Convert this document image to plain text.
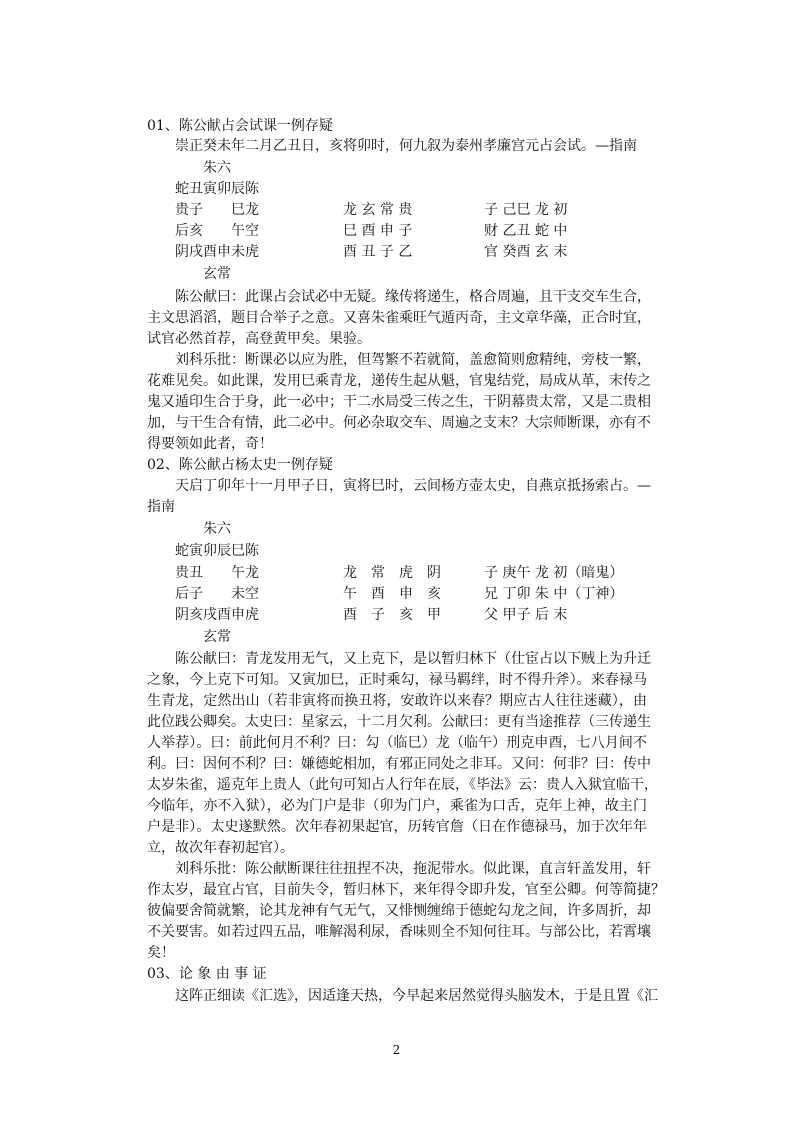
01、陈公献占会试课一例存疑
崇正癸未年二月乙丑日，亥将卯时，何九叙为泰州孝廉宫元占会试。—指南
朱六
蛇丑寅卯辰陈
贵子　　巳龙	龙 玄 常 贵	子 己巳 龙 初
后亥　　午空	巳 酉 申 子	财 乙丑 蛇 中
阴戌酉申未虎	酉 丑 子 乙	官 癸酉 玄 末
玄常
陈公献曰：此课占会试必中无疑。缘传将递生，格合周遍，且干支交车生合，
主文思滔滔，题目合举子之意。又喜朱雀乘旺气遁丙奇，主文章华藻，正合时宜，
试官必然首荐，高登黄甲矣。果验。
刘科乐批：断课必以应为胜，但驾繁不若就简，盖愈简则愈精纯，旁枝一繁，
花难见矣。如此课，发用巳乘青龙，递传生起从魁，官鬼结党，局成从革，末传之
鬼又遁印生合于身，此一必中；干二水局受三传之生，干阴幕贵太常，又是二贵相
加，与干生合有情，此二必中。何必杂取交车、周遍之支末？大宗师断课，亦有不
得要领如此者，奇！
02、陈公献占杨太史一例存疑
天启丁卯年十一月甲子日，寅将巳时，云间杨方壶太史，自燕京抵扬索占。—
指南
朱六
蛇寅卯辰巳陈
贵丑　　午龙	龙　常　虎　阴	子 庚午 龙 初（暗鬼）
后子　　未空	午　酉　申　亥	兄 丁卯 朱 中（丁神）
阴亥戌酉申虎	酉　子　亥　甲	父 甲子 后 末
玄常
陈公献曰：青龙发用无气，又上克下，是以暂归林下（仕宦占以下贼上为升迁
之象，今上克下可知。又寅加巳，正时乘勾，禄马羁绊，时不得升斧）。来春禄马
生青龙，定然出山（若非寅将而换丑将，安敢许以来春？期应古人往往迷藏），由
此位践公卿矣。太史曰：星家云，十二月欠利。公献曰：更有当途推荐（三传递生
人举荐）。曰：前此何月不利？曰：勾（临巳）龙（临午）刑克申酉，七八月间不
利。曰：因何不利？曰：嫌德蛇相加，有邪正同处之非耳。又问：何非？曰：传中
太岁朱雀，遥克年上贵人（此句可知占人行年在辰，《毕法》云：贵人入狱宜临干，
今临年，亦不入狱），必为门户是非（卯为门户，乘雀为口舌，克年上神，故主门
户是非）。太史遂默然。次年春初果起官，历转官詹（日在作德禄马，加于次年年
立，故次年春初起官）。
刘科乐批：陈公献断课往往扭捏不决，拖泥带水。似此课，直言轩盖发用，轩
作太岁，最宜占官，目前失令，暂归林下，来年得令即升发，官至公卿。何等简捷？
彼偏要舍简就繁，论其龙神有气无气，又悱恻缠绵于德蛇勾龙之间，许多周折，却
不关要害。如若过四五品，唯解渴利尿，香味则全不知何往耳。与部公比，若霄壤
矣！
03、论 象 由 事 证
这阵正细读《汇选》，因适逢天热，今早起来居然觉得头脑发木，于是且置《汇
2
